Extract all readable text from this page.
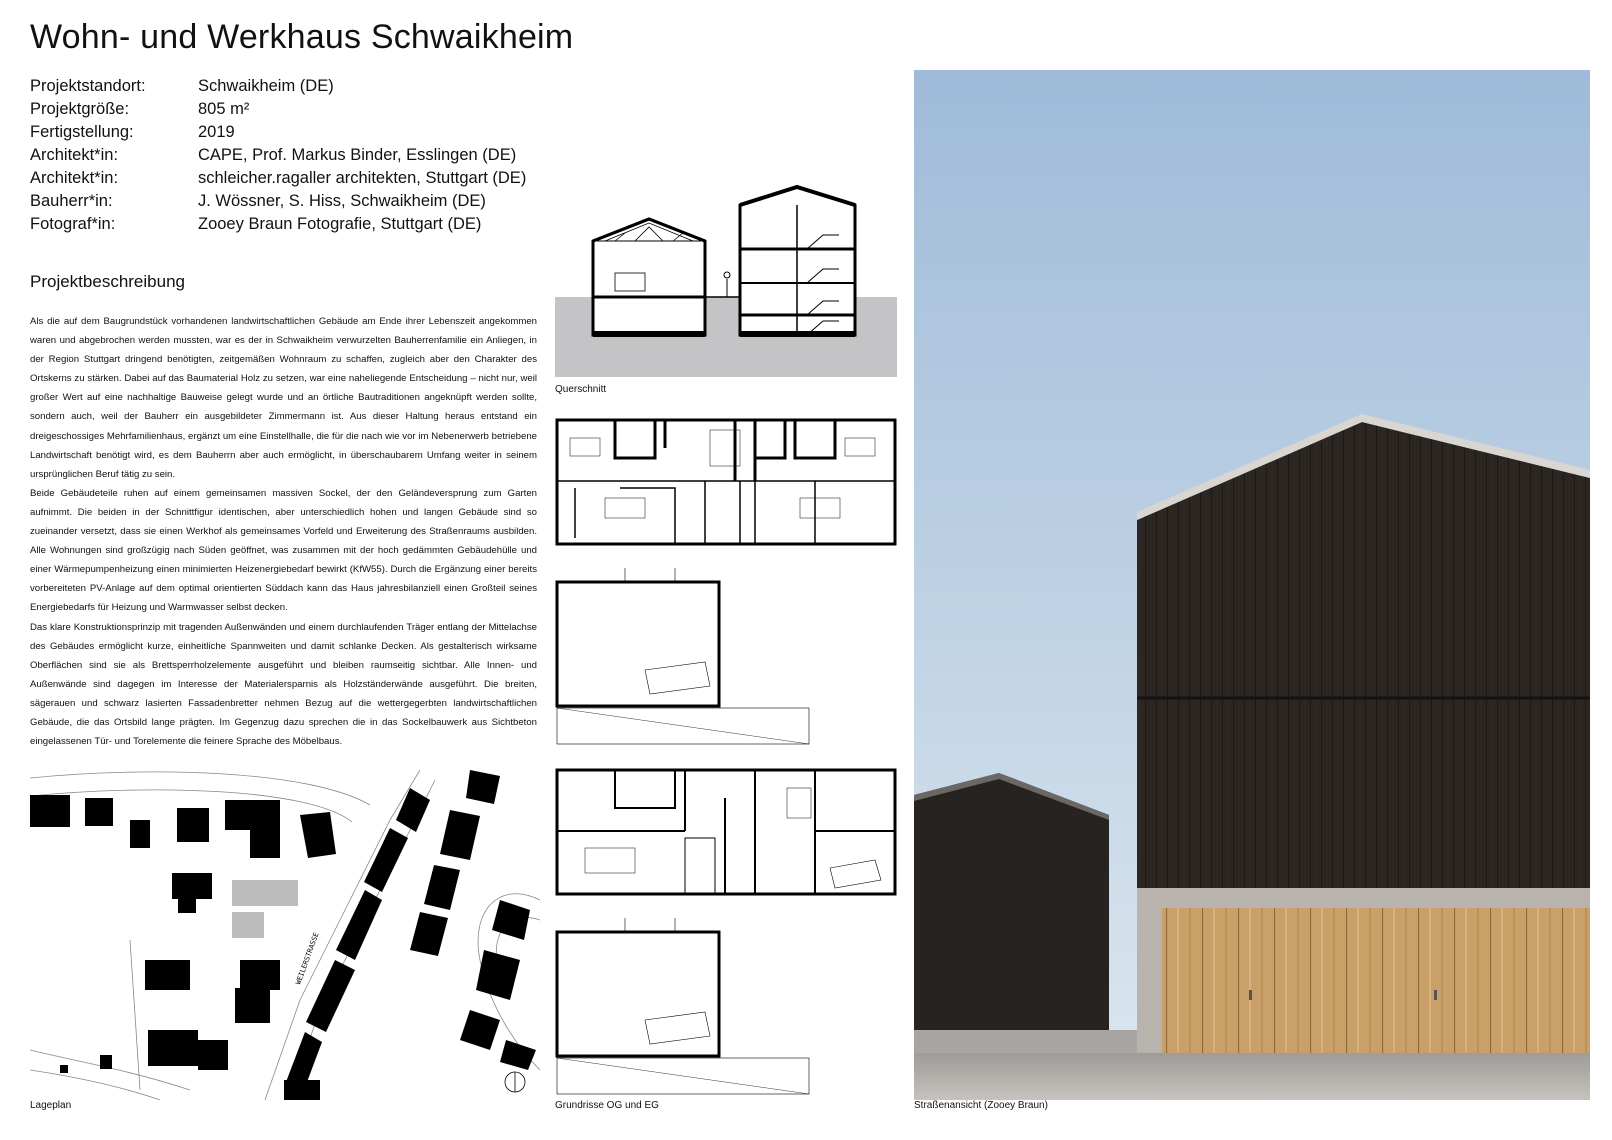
Wohn- und Werkhaus Schwaikheim
Projektstandort:	Schwaikheim (DE)
Projektgröße:	805 m²
Fertigstellung:	2019
Architekt*in:	CAPE, Prof. Markus Binder, Esslingen (DE)
Architekt*in:	schleicher.ragaller architekten, Stuttgart (DE)
Bauherr*in:	J. Wössner, S. Hiss, Schwaikheim (DE)
Fotograf*in:	Zooey Braun Fotografie, Stuttgart (DE)
Projektbeschreibung

Als die auf dem Baugrundstück vorhandenen landwirtschaftlichen Gebäude am Ende ihrer Lebenszeit angekommen waren und abgebrochen werden mussten, war es der in Schwaikheim verwurzelten Bauherrenfamilie ein Anliegen, in der Region Stuttgart dringend benötigten, zeitgemäßen Wohnraum zu schaffen, zugleich aber den Charakter des Ortskerns zu stärken. Dabei auf das Baumaterial Holz zu setzen, war eine naheliegende Entscheidung – nicht nur, weil großer Wert auf eine nachhaltige Bauweise gelegt wurde und an örtliche Bautraditionen angeknüpft werden sollte, sondern auch, weil der Bauherr ein ausgebildeter Zimmermann ist. Aus dieser Haltung heraus entstand ein dreigeschossiges Mehrfamilienhaus, ergänzt um eine Einstellhalle, die für die nach wie vor im Nebenerwerb betriebene Landwirtschaft benötigt wird, es dem Bauherrn aber auch ermöglicht, in überschaubarem Umfang weiter in seinem ursprünglichen Beruf tätig zu sein.

Beide Gebäudeteile ruhen auf einem gemeinsamen massiven Sockel, der den Geländeversprung zum Garten aufnimmt. Die beiden in der Schnittfigur identischen, aber unterschiedlich hohen und langen Gebäude sind so zueinander versetzt, dass sie einen Werkhof als gemeinsames Vorfeld und Erweiterung des Straßenraums ausbilden. Alle Wohnungen sind großzügig nach Süden geöffnet, was zusammen mit der hoch gedämmten Gebäudehülle und einer Wärmepumpenheizung einen minimierten Heizenergiebedarf bewirkt (KfW55). Durch die Ergänzung einer bereits vorbereiteten PV-Anlage auf dem optimal orientierten Süddach kann das Haus jahresbilanziell einen Großteil seines Energiebedarfs für Heizung und Warmwasser selbst decken.

Das klare Konstruktionsprinzip mit tragenden Außenwänden und einem durchlaufenden Träger entlang der Mittelachse des Gebäudes ermöglicht kurze, einheitliche Spannweiten und damit schlanke Decken. Als gestalterisch wirksame Oberflächen sind sie als Brettsperrholzelemente ausgeführt und bleiben raumseitig sichtbar. Alle Innen- und Außenwände sind dagegen im Interesse der Materialersparnis als Holzständerwände ausgeführt. Die breiten, sägerauen und schwarz lasierten Fassadenbretter nehmen Bezug auf die wettergegerbten landwirtschaftlichen Gebäude, die das Ortsbild lange prägten. Im Gegenzug dazu sprechen die in das Sockelbauwerk aus Sichtbeton eingelassenen Tür- und Torelemente die feinere Sprache des Möbelbaus.

Querschnitt
Grundrisse OG und EG
WEILERSTRASSE
Lageplan	Straßenansicht (Zooey Braun)
